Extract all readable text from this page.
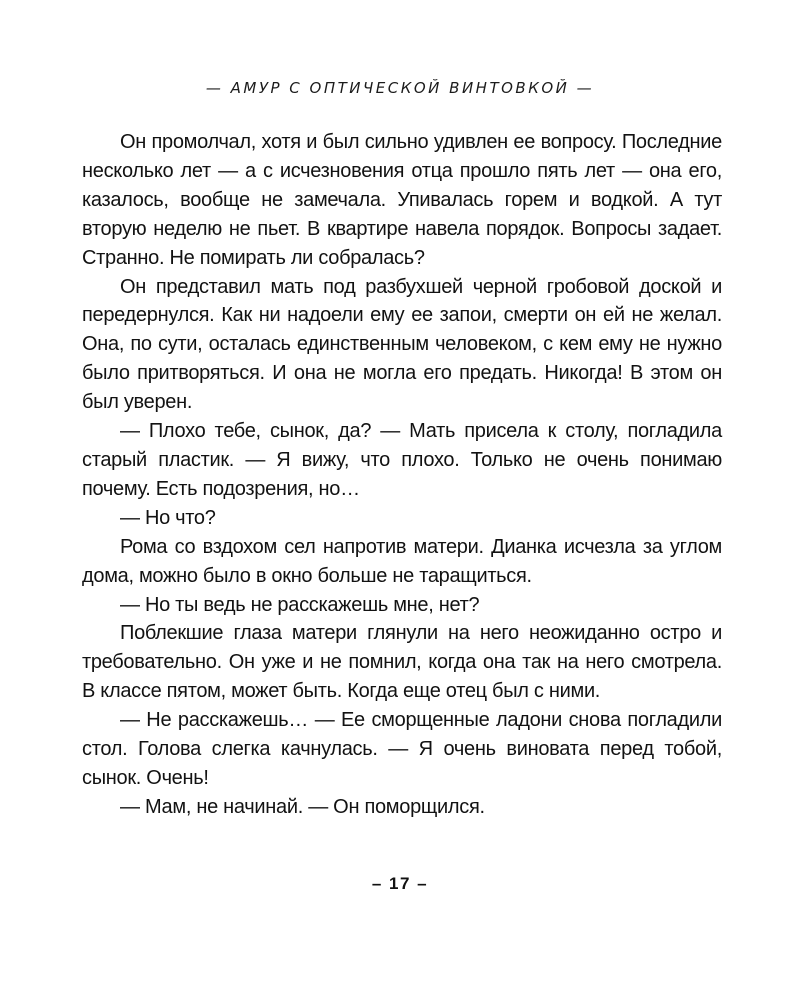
— АМУР С ОПТИЧЕСКОЙ ВИНТОВКОЙ —

Он промолчал, хотя и был сильно удивлен ее вопросу. Последние несколько лет — а с исчезновения отца прошло пять лет — она его, казалось, вообще не замечала. Упивалась горем и водкой. А тут вторую неделю не пьет. В квартире навела порядок. Вопросы задает. Странно. Не помирать ли собралась?

Он представил мать под разбухшей черной гробовой доской и передернулся. Как ни надоели ему ее запои, смерти он ей не желал. Она, по сути, осталась единственным человеком, с кем ему не нужно было притворяться. И она не могла его предать. Никогда! В этом он был уверен.

— Плохо тебе, сынок, да? — Мать присела к столу, погладила старый пластик. — Я вижу, что плохо. Только не очень понимаю почему. Есть подозрения, но…

— Но что?

Рома со вздохом сел напротив матери. Дианка исчезла за углом дома, можно было в окно больше не таращиться.

— Но ты ведь не расскажешь мне, нет?

Поблекшие глаза матери глянули на него неожиданно остро и требовательно. Он уже и не помнил, когда она так на него смотрела. В классе пятом, может быть. Когда еще отец был с ними.

— Не расскажешь… — Ее сморщенные ладони снова погладили стол. Голова слегка качнулась. — Я очень виновата перед тобой, сынок. Очень!

— Мам, не начинай. — Он поморщился.

– 17 –
